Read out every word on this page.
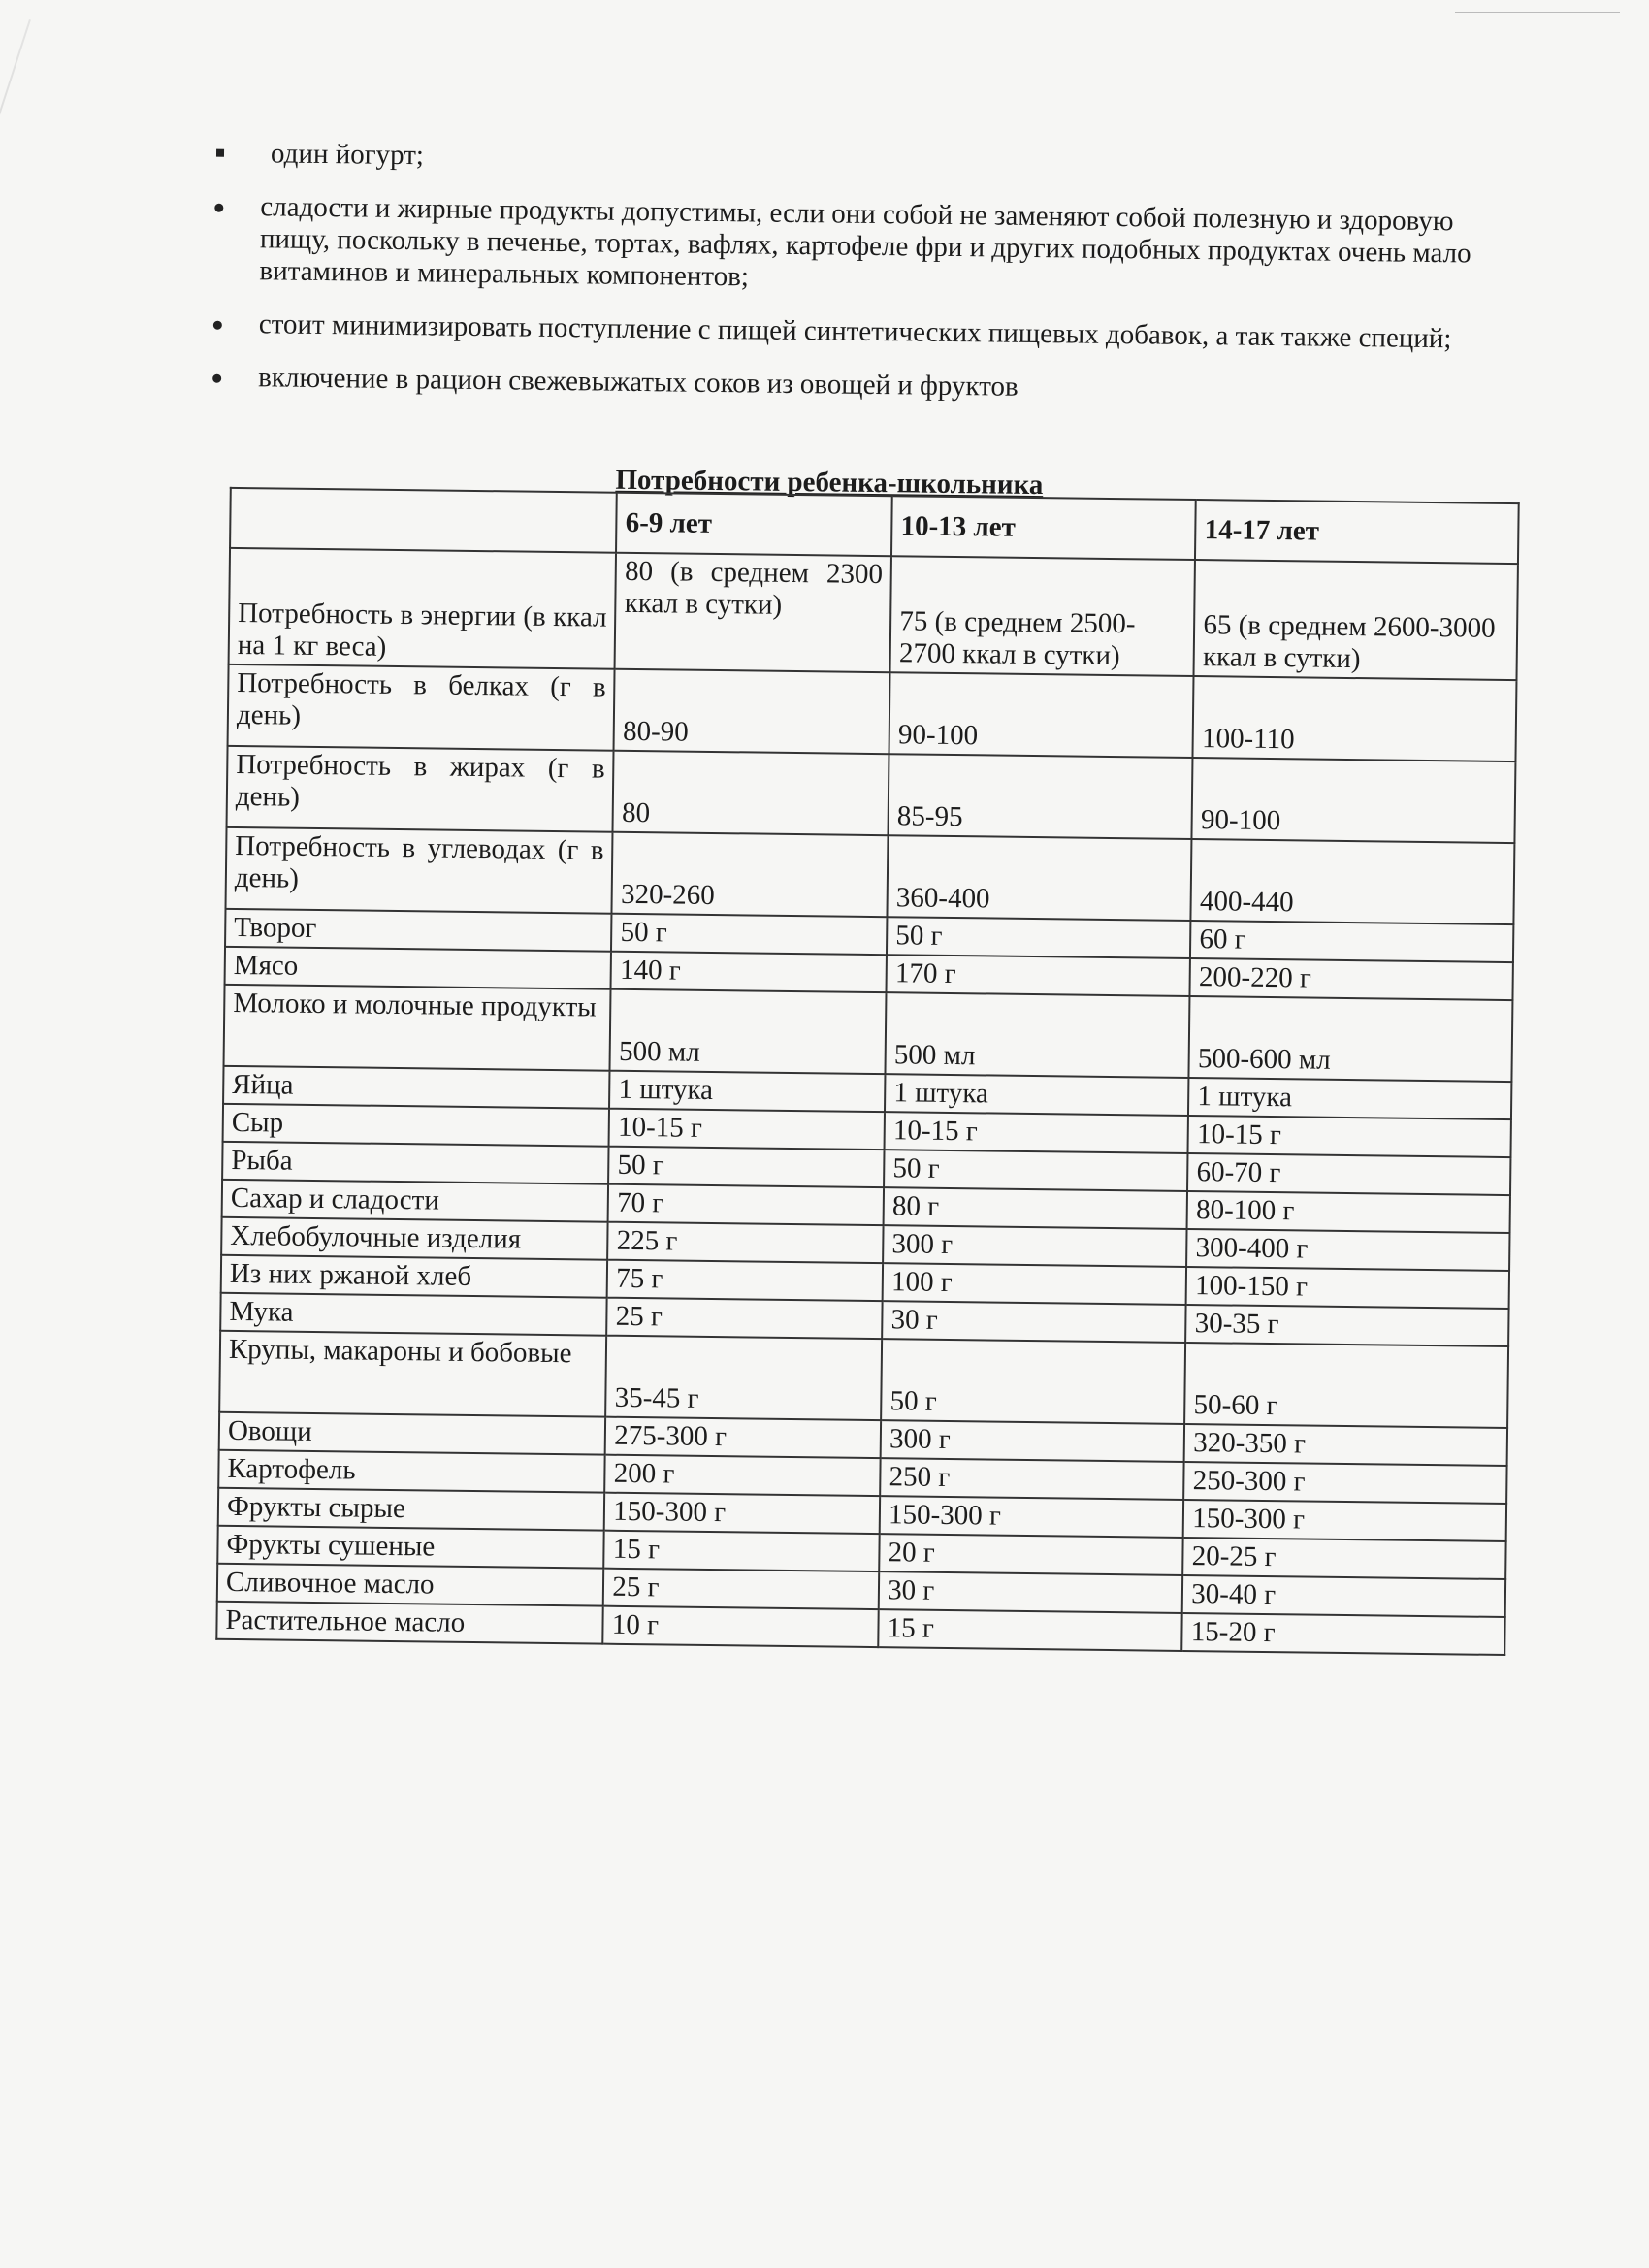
один йогурт;
сладости и жирные продукты допустимы, если они собой не заменяют собой полезную и здоровую пищу, поскольку в печенье, тортах, вафлях, картофеле фри и других подобных продуктах очень мало витаминов и минеральных компонентов;
стоит минимизировать поступление с пищей синтетических пищевых добавок, а так также специй;
включение в рацион свежевыжатых соков из овощей и фруктов

Потребности ребенка-школьника

	6-9 лет	10-13 лет	14-17 лет
Потребность в энергии (в ккал на 1 кг веса)	80 (в среднем 2300 ккал в сутки)	75 (в среднем 2500-2700 ккал в сутки)	65 (в среднем 2600-3000 ккал в сутки)
Потребность в белках (г в день)	80-90	90-100	100-110
Потребность в жирах (г в день)	80	85-95	90-100
Потребность в углеводах (г в день)	320-260	360-400	400-440
Творог	50 г	50 г	60 г
Мясо	140 г	170 г	200-220 г
Молоко и молочные продукты	500 мл	500 мл	500-600 мл
Яйца	1 штука	1 штука	1 штука
Сыр	10-15 г	10-15 г	10-15 г
Рыба	50 г	50 г	60-70 г
Сахар и сладости	70 г	80 г	80-100 г
Хлебобулочные изделия	225 г	300 г	300-400 г
Из них ржаной хлеб	75 г	100 г	100-150 г
Мука	25 г	30 г	30-35 г
Крупы, макароны и бобовые	35-45 г	50 г	50-60 г
Овощи	275-300 г	300 г	320-350 г
Картофель	200 г	250 г	250-300 г
Фрукты сырые	150-300 г	150-300 г	150-300 г
Фрукты сушеные	15 г	20 г	20-25 г
Сливочное масло	25 г	30 г	30-40 г
Растительное масло	10 г	15 г	15-20 г
